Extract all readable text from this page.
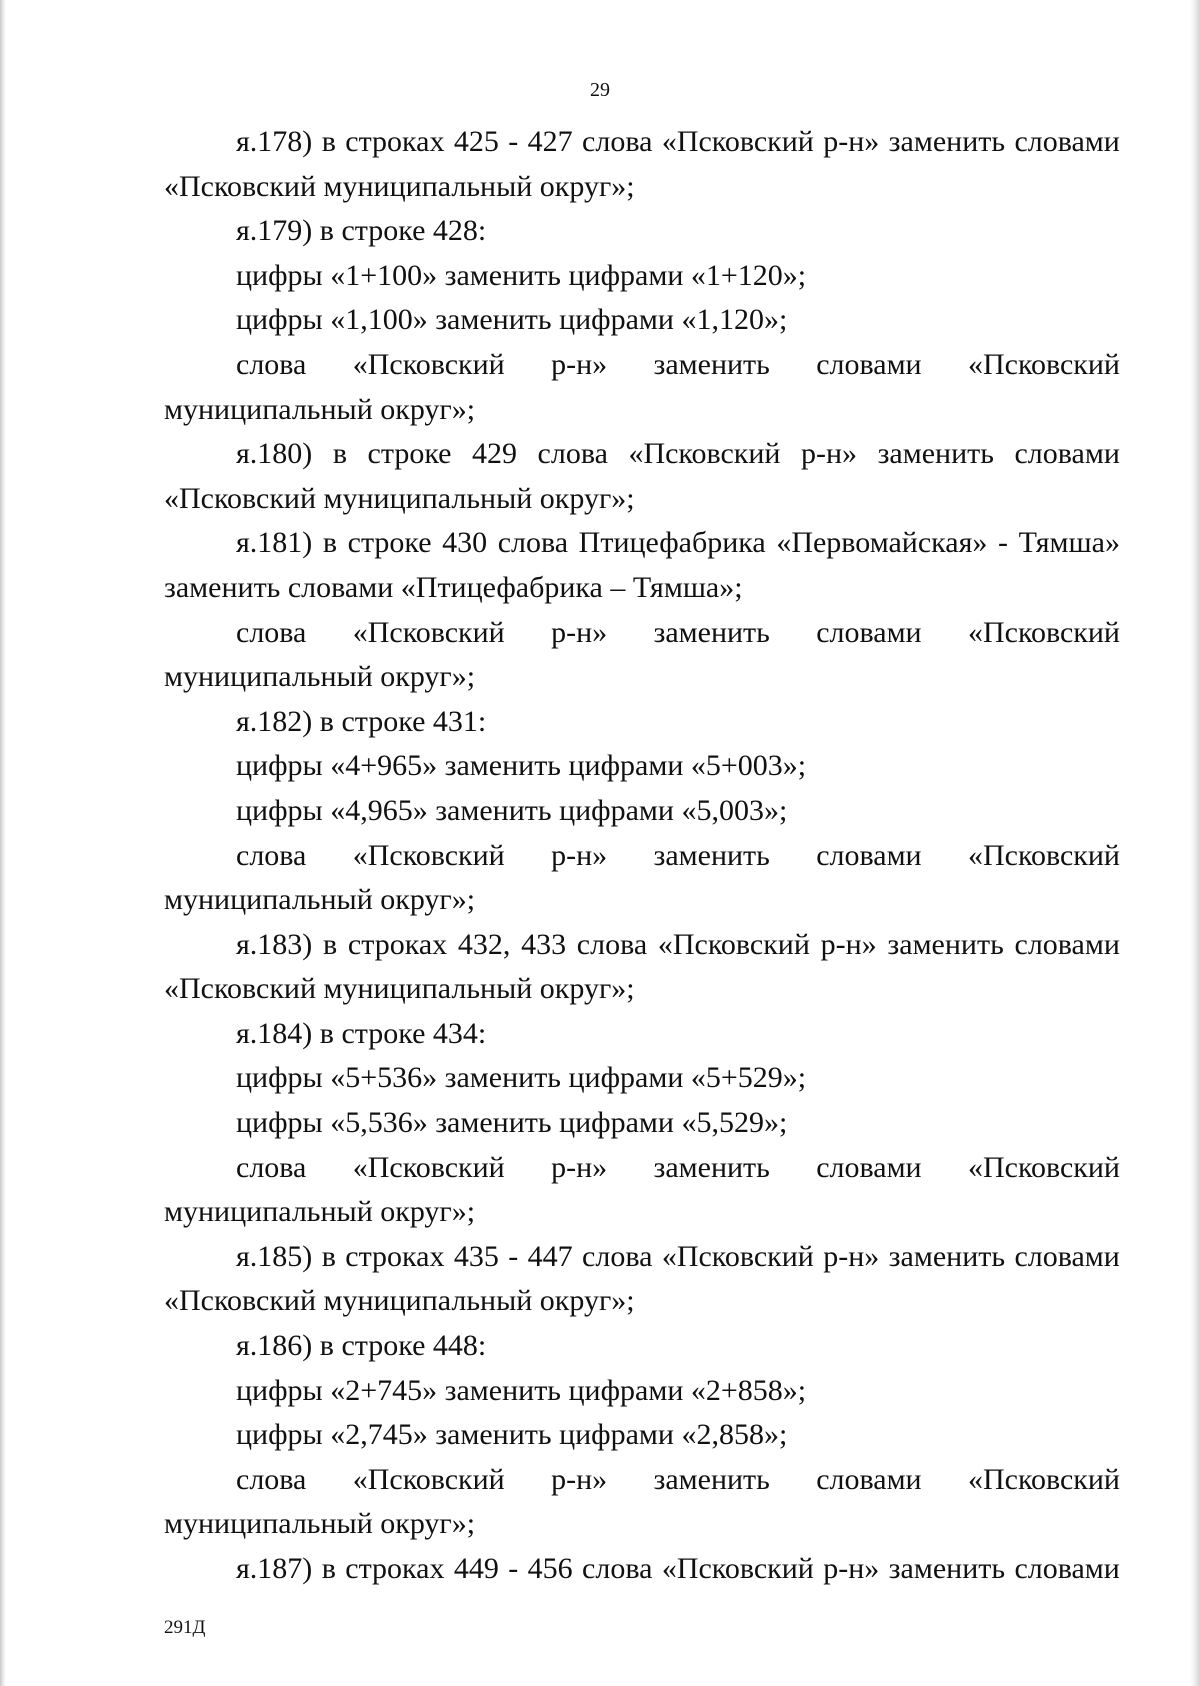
29
я.178) в строках 425 - 427 слова «Псковский р-н» заменить словами
«Псковский муниципальный округ»;
я.179) в строке 428:
цифры «1+100» заменить цифрами «1+120»;
цифры «1,100» заменить цифрами «1,120»;
слова «Псковский р-н» заменить словами «Псковский
муниципальный округ»;
я.180) в строке 429 слова «Псковский р-н» заменить словами
«Псковский муниципальный округ»;
я.181) в строке 430 слова Птицефабрика «Первомайская» - Тямша»
заменить словами «Птицефабрика – Тямша»;
слова «Псковский р-н» заменить словами «Псковский
муниципальный округ»;
я.182) в строке 431:
цифры «4+965» заменить цифрами «5+003»;
цифры «4,965» заменить цифрами «5,003»;
слова «Псковский р-н» заменить словами «Псковский
муниципальный округ»;
я.183) в строках 432, 433 слова «Псковский р-н» заменить словами
«Псковский муниципальный округ»;
я.184) в строке 434:
цифры «5+536» заменить цифрами «5+529»;
цифры «5,536» заменить цифрами «5,529»;
слова «Псковский р-н» заменить словами «Псковский
муниципальный округ»;
я.185) в строках 435 - 447 слова «Псковский р-н» заменить словами
«Псковский муниципальный округ»;
я.186) в строке 448:
цифры «2+745» заменить цифрами «2+858»;
цифры «2,745» заменить цифрами «2,858»;
слова «Псковский р-н» заменить словами «Псковский
муниципальный округ»;
я.187) в строках 449 - 456 слова «Псковский р-н» заменить словами
291Д
